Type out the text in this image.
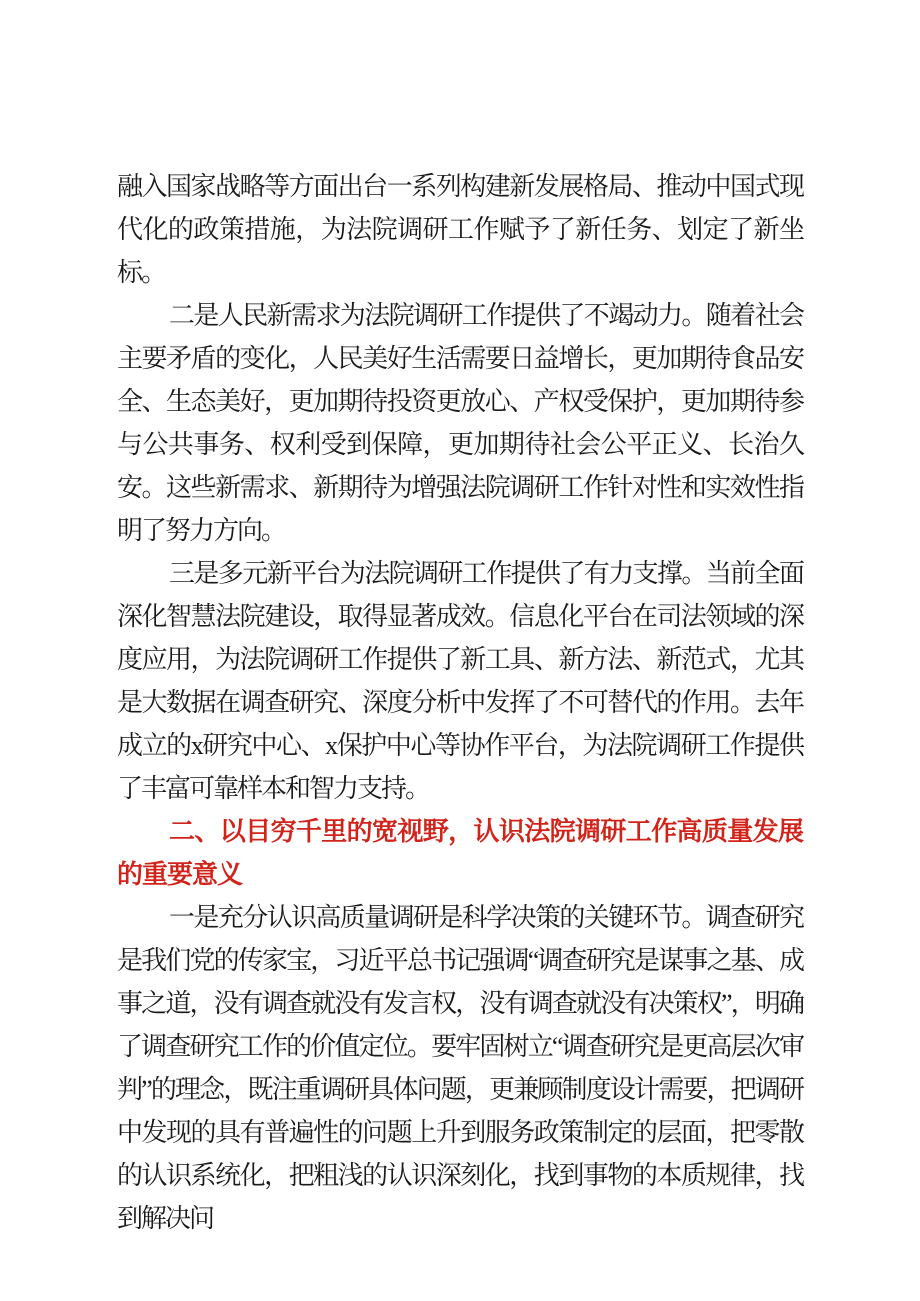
融入国家战略等方面出台一系列构建新发展格局、推动中国式现代化的政策措施，为法院调研工作赋予了新任务、划定了新坐标。

二是人民新需求为法院调研工作提供了不竭动力。随着社会主要矛盾的变化，人民美好生活需要日益增长，更加期待食品安全、生态美好，更加期待投资更放心、产权受保护，更加期待参与公共事务、权利受到保障，更加期待社会公平正义、长治久安。这些新需求、新期待为增强法院调研工作针对性和实效性指明了努力方向。

三是多元新平台为法院调研工作提供了有力支撑。当前全面深化智慧法院建设，取得显著成效。信息化平台在司法领域的深度应用，为法院调研工作提供了新工具、新方法、新范式，尤其是大数据在调查研究、深度分析中发挥了不可替代的作用。去年成立的x研究中心、x保护中心等协作平台，为法院调研工作提供了丰富可靠样本和智力支持。

二、以目穷千里的宽视野，认识法院调研工作高质量发展的重要意义

一是充分认识高质量调研是科学决策的关键环节。调查研究是我们党的传家宝，习近平总书记强调“调查研究是谋事之基、成事之道，没有调查就没有发言权，没有调查就没有决策权”，明确了调查研究工作的价值定位。要牢固树立“调查研究是更高层次审判”的理念，既注重调研具体问题，更兼顾制度设计需要，把调研中发现的具有普遍性的问题上升到服务政策制定的层面，把零散的认识系统化，把粗浅的认识深刻化，找到事物的本质规律，找到解决问
